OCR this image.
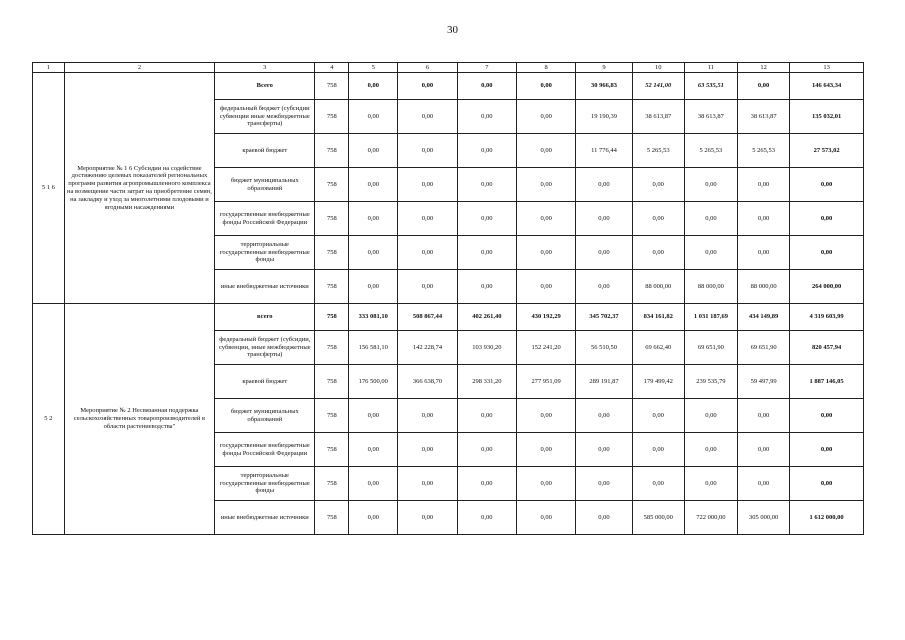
30
1	2	3	4	5	6	7	8	9	10	11	12	13
5 1 6	Мероприятие № 1 6 Субсидии на содействие достижению целевых показателей региональных программ развития агропромышленного комплекса на возмещение части затрат на приобретение семян, на закладку и уход за многолетними плодовыми и ягодными насаждениями	Всего	758	0,00	0,00	0,00	0,00	30 966,83	52 141,00	63 535,51	0,00	146 643,34
		федеральный бюджет (субсидии субвенции иные межбюджетные трансферты)	758	0,00	0,00	0,00	0,00	19 190,39	38 613,87	38 613,87	38 613,87	135 032,01
		краевой бюджет	758	0,00	0,00	0,00	0,00	11 776,44	5 265,53	5 265,53	5 265,53	27 573,02
		бюджет муниципальных образований	758	0,00	0,00	0,00	0,00	0,00	0,00	0,00	0,00	0,00
		государственные внебюджетные фонды Российской Федерации	758	0,00	0,00	0,00	0,00	0,00	0,00	0,00	0,00	0,00
		территориальные государственные внебюджетные фонды	758	0,00	0,00	0,00	0,00	0,00	0,00	0,00	0,00	0,00
		иные внебюджетные источники	758	0,00	0,00	0,00	0,00	0,00	88 000,00	88 000,00	88 000,00	264 000,00
5 2	Мероприятие № 2 Несвязанная поддержка сельскохозяйственных товаропроизводителей в области растениеводства"	всего	758	333 081,10	508 867,44	402 261,40	430 192,29	345 702,37	834 161,82	1 031 187,69	434 149,89	4 319 603,99
		федеральный бюджет (субсидии, субвенции, иные межбюджетные трансферты)	758	156 581,10	142 228,74	103 930,20	152 241,20	56 510,50	69 662,40	69 651,90	69 651,90	820 457,94
		краевой бюджет	758	176 500,00	366 638,70	298 331,20	277 951,09	289 191,87	179 499,42	239 535,79	59 497,99	1 887 146,05
		бюджет муниципальных образований	758	0,00	0,00	0,00	0,00	0,00	0,00	0,00	0,00	0,00
		государственные внебюджетные фонды Российской Федерации	758	0,00	0,00	0,00	0,00	0,00	0,00	0,00	0,00	0,00
		территориальные государственные внебюджетные фонды	758	0,00	0,00	0,00	0,00	0,00	0,00	0,00	0,00	0,00
		иные внебюджетные источники	758	0,00	0,00	0,00	0,00	0,00	585 000,00	722 000,00	305 000,00	1 612 000,00
